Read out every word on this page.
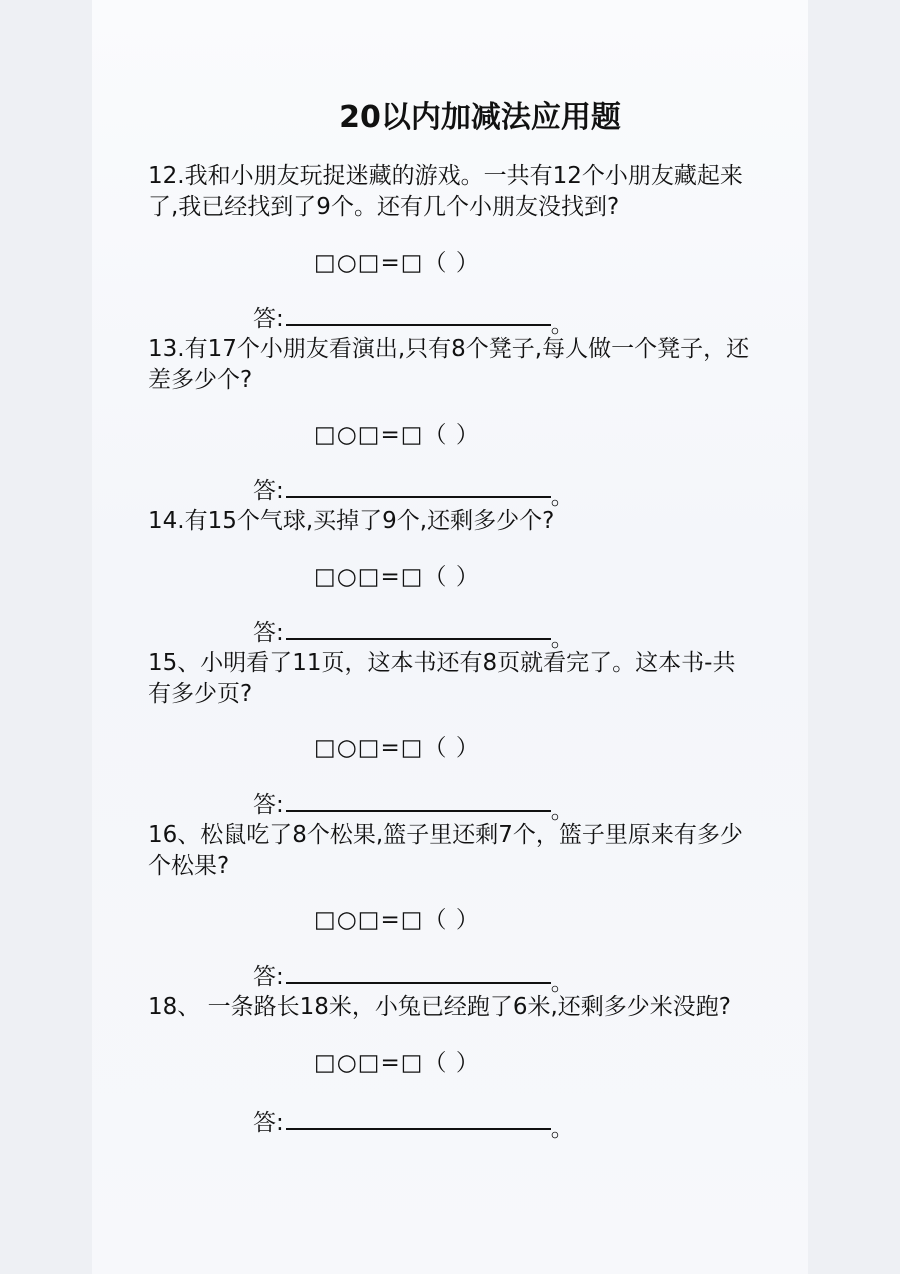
20以内加减法应用题
12.我和小朋友玩捉迷藏的游戏。一共有12个小朋友藏起来了,我已经找到了9个。还有几个小朋友没找到?
□○□=□（ ）
答:	。
13.有17个小朋友看演出,只有8个凳子,每人做一个凳子，还差多少个?
□○□=□（ ）
答:	。
14.有15个气球,买掉了9个,还剩多少个?
□○□=□（ ）
答:	。
15、小明看了11页，这本书还有8页就看完了。这本书-共有多少页?
□○□=□（ ）
答:	。
16、松鼠吃了8个松果,篮子里还剩7个，篮子里原来有多少个松果?
□○□=□（ ）
答:	。
18、 一条路长18米，小兔已经跑了6米,还剩多少米没跑?
□○□=□（ ）
答:	。
